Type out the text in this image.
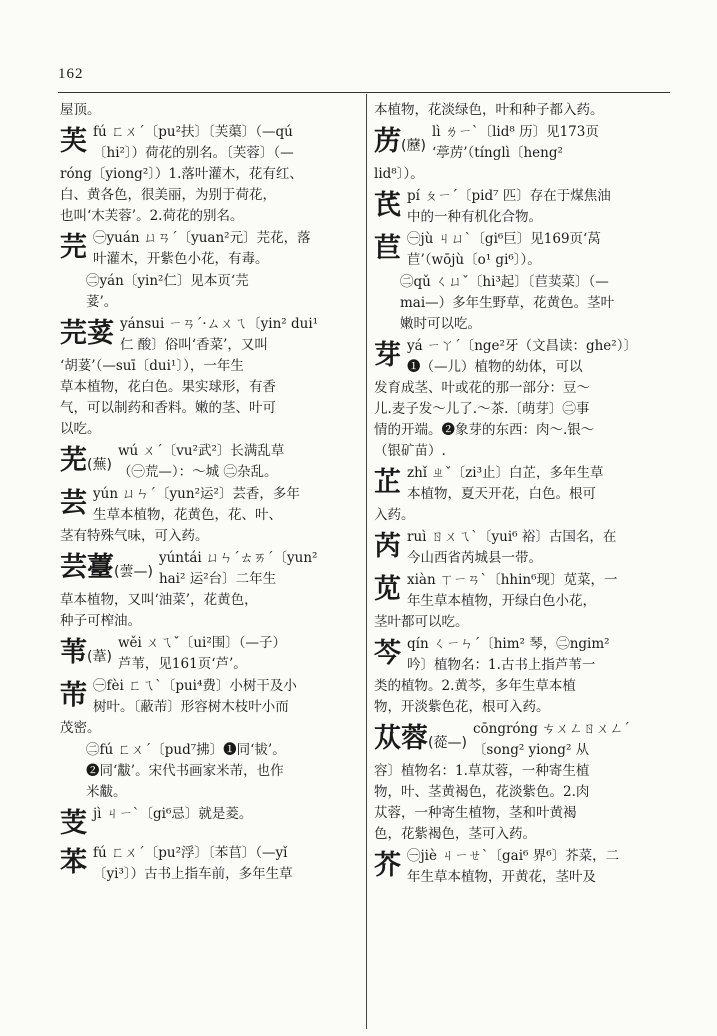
162
屋顶。
芙 fú ㄈㄨˊ〔pu²扶〕〔芙蕖〕（—qú
〔hi²〕）荷花的别名。〔芙蓉〕（—
róng〔yiong²〕）1.落叶灌木，花有红、
白、黄各色，很美丽，为别于荷花，
也叫‘木芙蓉’。2.荷花的别名。
芫 ㊀yuán ㄩㄢˊ〔yuan²元〕芫花，落
叶灌木，开紫色小花，有毒。
㊁yán〔yin²仁〕见本页‘芫
荽’。
芫荽 yánsui ㄧㄢˊ·ㄙㄨㄟ〔yin² dui¹
仁 酸〕俗叫‘香菜’，又叫
‘胡荽’（—suī〔dui¹〕），一年生
草本植物，花白色。果实球形，有香
气，可以制药和香料。嫩的茎、叶可
以吃。
芜(蕪)
wú ㄨˊ〔vu²武²〕长满乱草
（㊀荒—）：～城 ㊁杂乱。
芸 yún ㄩㄣˊ〔yun²运²〕芸香，多年
生草本植物，花黄色，花、叶、
茎有特殊气味，可入药。
芸薹(蕓—)
yúntái ㄩㄣˊㄊㄞˊ〔yun²
hai² 运²台〕二年生
草本植物，又叫‘油菜’，花黄色，
种子可榨油。
苇(葦)
wěi ㄨㄟˇ〔ui²围〕（—子）
芦苇，见161页‘芦’。
芾 ㊀fèi ㄈㄟˋ〔pui⁴费〕小树干及小
树叶。〔蔽芾〕形容树木枝叶小而
茂密。
㊁fú ㄈㄨˊ〔pud⁷拂〕❶同‘韨’。
❷同‘黻’。宋代书画家米芾，也作
米黻。
芰 jì ㄐㄧˋ〔gi⁶忌〕就是菱。
苯 fú ㄈㄨˊ〔pu²浮〕〔苯苢〕（—yǐ
〔yi³〕）古书上指车前，多年生草
本植物，花淡绿色，叶和种子都入药。
苈(藶)
lì ㄌㄧˋ〔lid⁸ 历〕见173页
‘葶苈’（tínglì〔heng²
lid⁸〕）。
芪 pí ㄆㄧˊ〔pid⁷ 匹〕存在于煤焦油
中的一种有机化合物。
苣 ㊀jù ㄐㄩˋ〔gi⁶巨〕见169页‘莴
苣’（wōjù〔o¹ gi⁶〕）。
㊁qǔ ㄑㄩˇ〔hi³起〕〔苣荬菜〕（—
mai—）多年生野草，花黄色。茎叶
嫩时可以吃。
芽 yá ㄧㄚˊ〔nge²牙（文昌读：ghe²）〕
❶（—儿）植物的幼体，可以
发育成茎、叶或花的那一部分：豆～
儿.麦子发～儿了.～茶.〔萌芽〕㊁事
情的开端。❷象芽的东西：肉～.银～
（银矿苗）.
芷 zhǐ ㄓˇ〔zi³止〕白芷，多年生草
本植物，夏天开花，白色。根可
入药。
芮 ruì ㄖㄨㄟˋ〔yui⁶ 裕〕古国名，在
今山西省芮城县一带。
苋 xiàn ㄒㄧㄢˋ〔hhin⁶现〕苋菜，一
年生草本植物，开绿白色小花，
茎叶都可以吃。
芩 qín ㄑㄧㄣˊ〔him² 琴，㊁ngim²
吟〕植物名：1.古书上指芦苇一
类的植物。2.黄芩，多年生草本植
物，开淡紫色花，根可入药。
苁蓉(蓯—)
cōngróng ㄘㄨㄥㄖㄨㄥˊ
〔song² yiong² 从
容〕植物名：1.草苁蓉，一种寄生植
物，叶、茎黄褐色，花淡紫色。2.肉
苁蓉，一种寄生植物，茎和叶黄褐
色，花紫褐色，茎可入药。
芥 ㊀jiè ㄐㄧㄝˋ〔gai⁶ 界⁶〕芥菜，二
年生草本植物，开黄花，茎叶及
